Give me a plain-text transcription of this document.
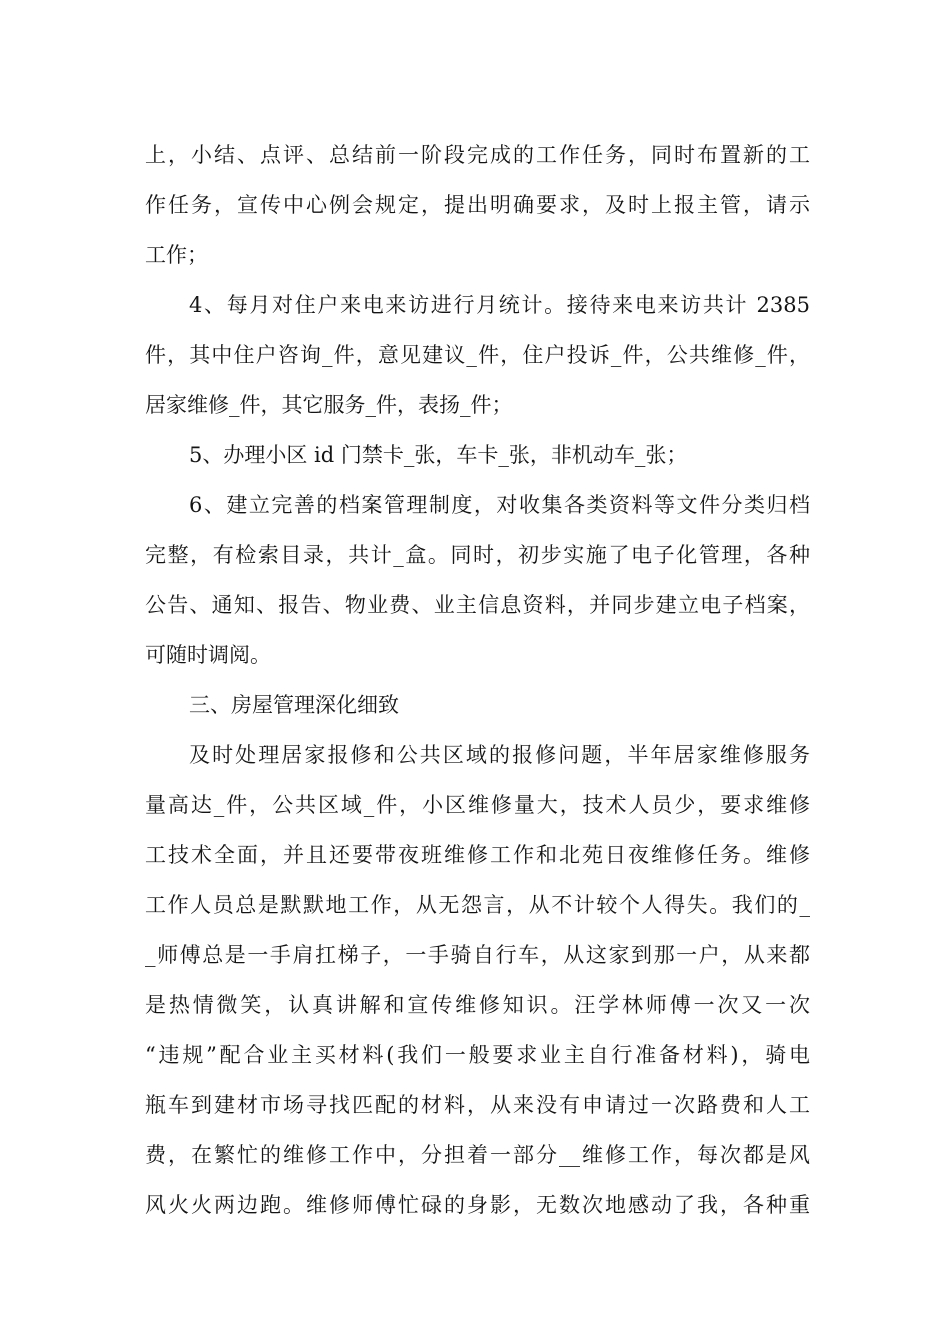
上，小结、点评、总结前一阶段完成的工作任务，同时布置新的工
作任务，宣传中心例会规定，提出明确要求，及时上报主管，请示
工作；
4、每月对住户来电来访进行月统计。接待来电来访共计 2385
件，其中住户咨询_件，意见建议_件，住户投诉_件，公共维修_件，
居家维修_件，其它服务_件，表扬_件；
5、办理小区 id 门禁卡_张，车卡_张，非机动车_张；
6、建立完善的档案管理制度，对收集各类资料等文件分类归档
完整，有检索目录，共计_盒。同时，初步实施了电子化管理，各种
公告、通知、报告、物业费、业主信息资料，并同步建立电子档案，
可随时调阅。
三、房屋管理深化细致
及时处理居家报修和公共区域的报修问题，半年居家维修服务
量高达_件，公共区域_件，小区维修量大，技术人员少，要求维修
工技术全面，并且还要带夜班维修工作和北苑日夜维修任务。维修
工作人员总是默默地工作，从无怨言，从不计较个人得失。我们的_
_师傅总是一手肩扛梯子，一手骑自行车，从这家到那一户，从来都
是热情微笑，认真讲解和宣传维修知识。汪学林师傅一次又一次
“违规”配合业主买材料(我们一般要求业主自行准备材料)，骑电
瓶车到建材市场寻找匹配的材料，从来没有申请过一次路费和人工
费，在繁忙的维修工作中，分担着一部分__维修工作，每次都是风
风火火两边跑。维修师傅忙碌的身影，无数次地感动了我，各种重
